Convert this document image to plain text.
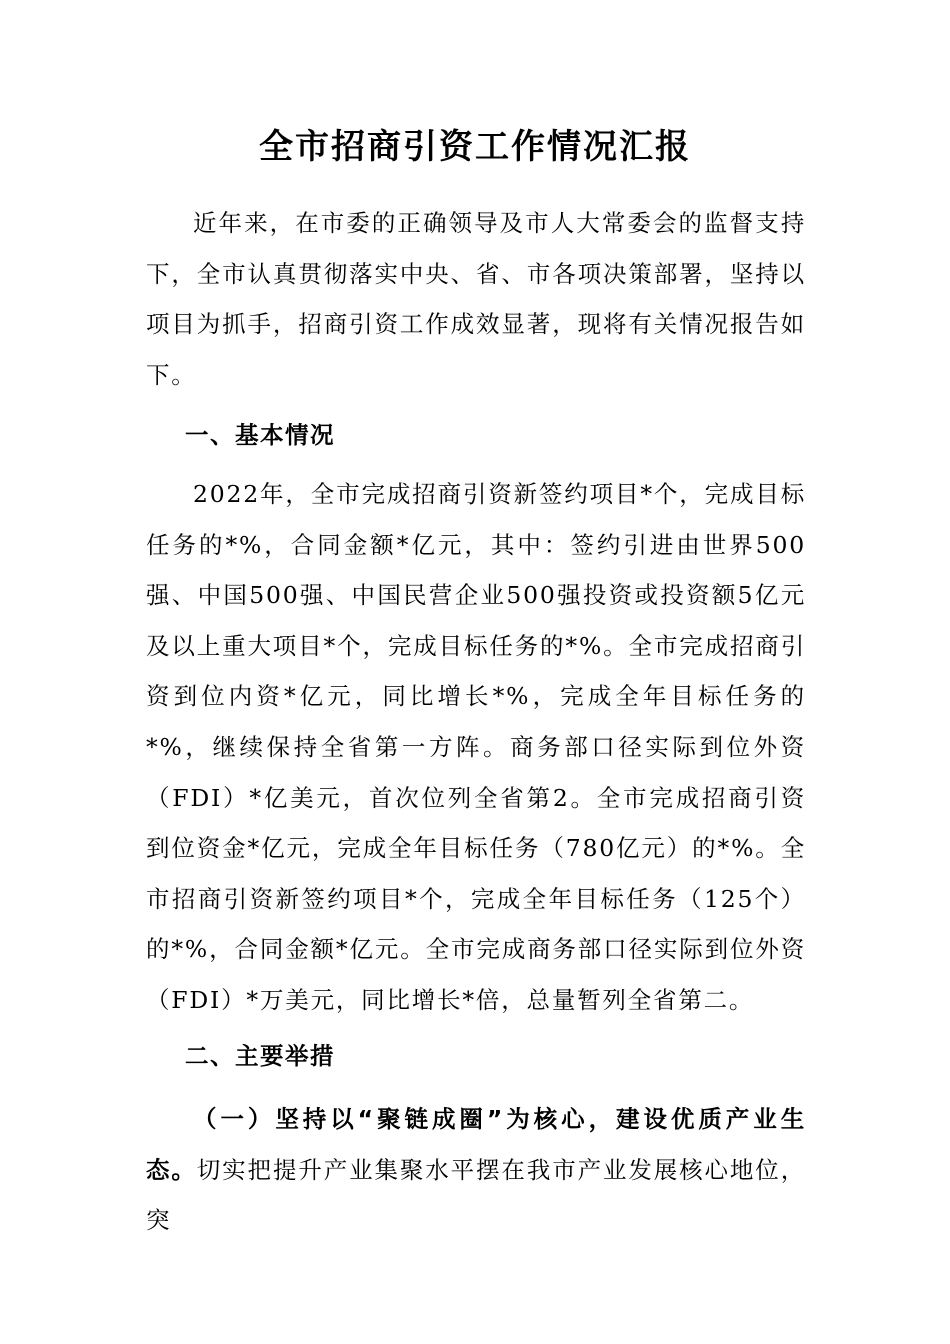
全市招商引资工作情况汇报
近年来，在市委的正确领导及市人大常委会的监督支持下，全市认真贯彻落实中央、省、市各项决策部署，坚持以项目为抓手，招商引资工作成效显著，现将有关情况报告如下。
一、基本情况
2022年，全市完成招商引资新签约项目*个，完成目标任务的*%，合同金额*亿元，其中：签约引进由世界500强、中国500强、中国民营企业500强投资或投资额5亿元及以上重大项目*个，完成目标任务的*%。全市完成招商引资到位内资*亿元，同比增长*%，完成全年目标任务的*%，继续保持全省第一方阵。商务部口径实际到位外资（FDI）*亿美元，首次位列全省第2。全市完成招商引资到位资金*亿元，完成全年目标任务（780亿元）的*%。全市招商引资新签约项目*个，完成全年目标任务（125个）的*%，合同金额*亿元。全市完成商务部口径实际到位外资（FDI）*万美元，同比增长*倍，总量暂列全省第二。
二、主要举措
（一）坚持以“聚链成圈”为核心，建设优质产业生态。切实把提升产业集聚水平摆在我市产业发展核心地位，突
